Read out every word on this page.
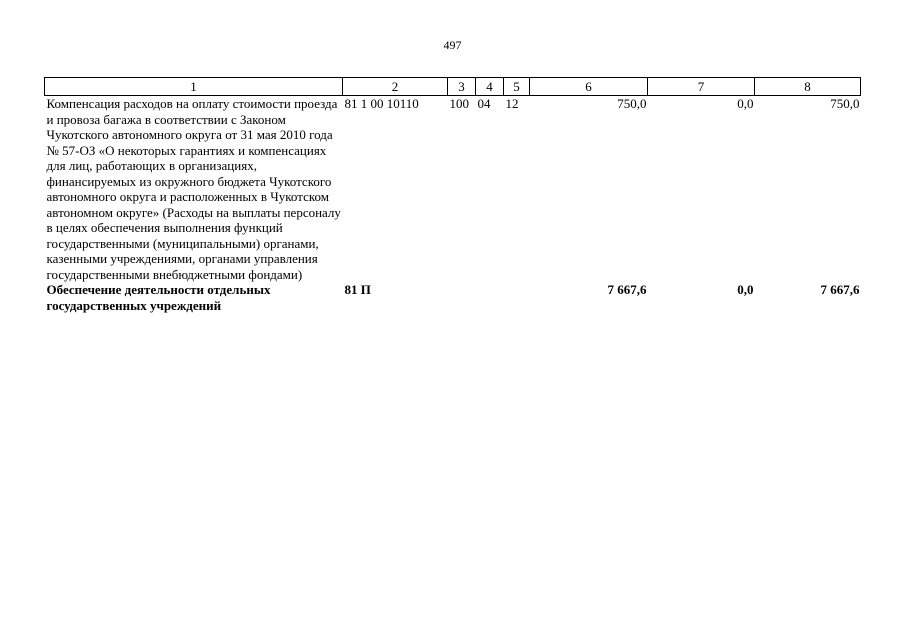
497
1	2	3	4	5	6	7	8
Компенсация расходов на оплату стоимости проезда и провоза багажа в соответствии с Законом Чукотского автономного округа от 31 мая 2010 года № 57-ОЗ «О некоторых гарантиях и компенсациях для лиц, работающих в организациях, финансируемых из окружного бюджета Чукотского автономного округа и расположенных в Чукотском автономном округе» (Расходы на выплаты персоналу в целях обеспечения выполнения функций государственными (муниципальными) органами, казенными учреждениями, органами управления государственными внебюджетными фондами)	81 1 00 10110	100	04	12	750,0	0,0	750,0
Обеспечение деятельности отдельных государственных учреждений	81 П				7 667,6	0,0	7 667,6
